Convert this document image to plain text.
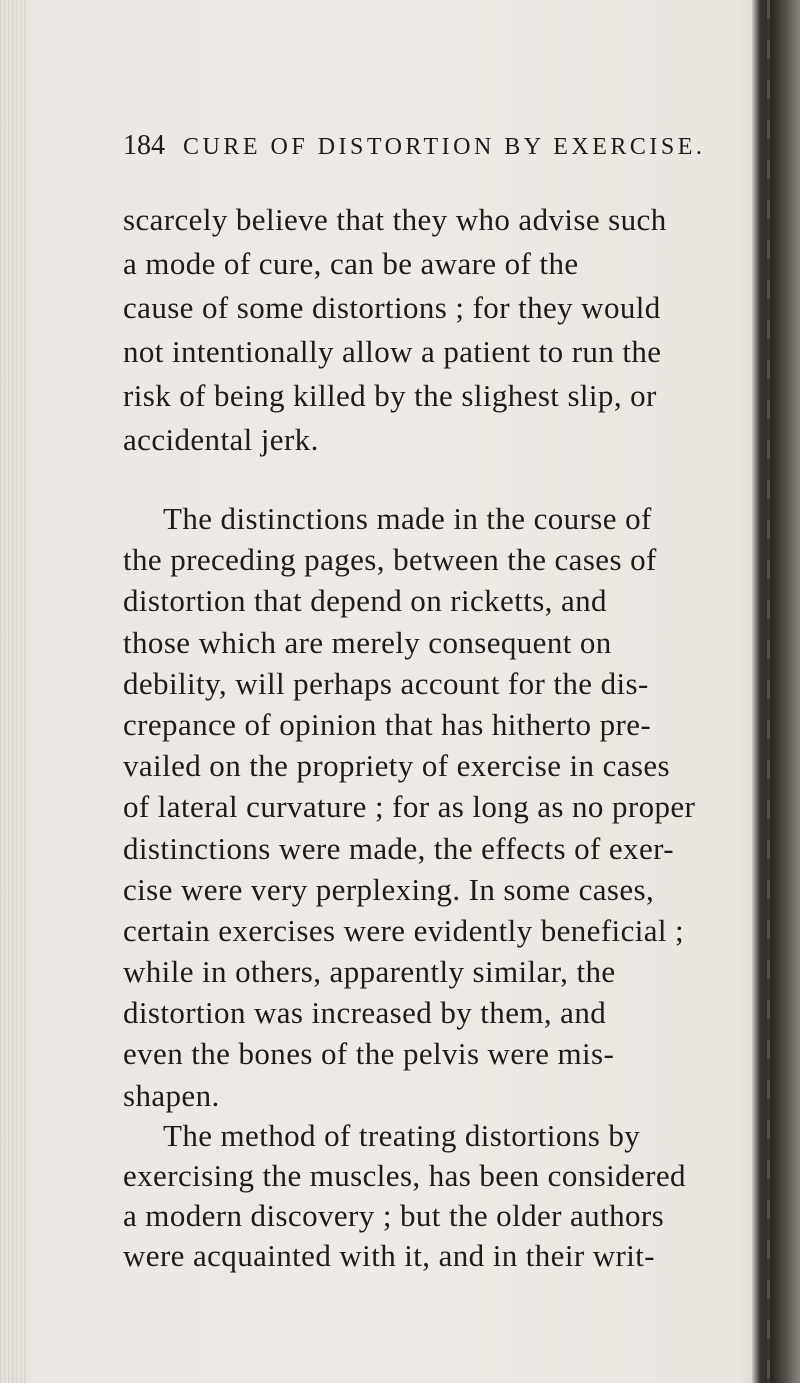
184 CURE OF DISTORTION BY EXERCISE.

scarcely believe that they who advise such
a mode of cure, can be aware of the
cause of some distortions ; for they would
not intentionally allow a patient to run the
risk of being killed by the slighest slip, or
accidental jerk.

The distinctions made in the course of
the preceding pages, between the cases of
distortion that depend on ricketts, and
those which are merely consequent on
debility, will perhaps account for the dis-
crepance of opinion that has hitherto pre-
vailed on the propriety of exercise in cases
of lateral curvature ; for as long as no proper
distinctions were made, the effects of exer-
cise were very perplexing. In some cases,
certain exercises were evidently beneficial ;
while in others, apparently similar, the
distortion was increased by them, and
even the bones of the pelvis were mis-
shapen.

The method of treating distortions by
exercising the muscles, has been considered
a modern discovery ; but the older authors
were acquainted with it, and in their writ-
